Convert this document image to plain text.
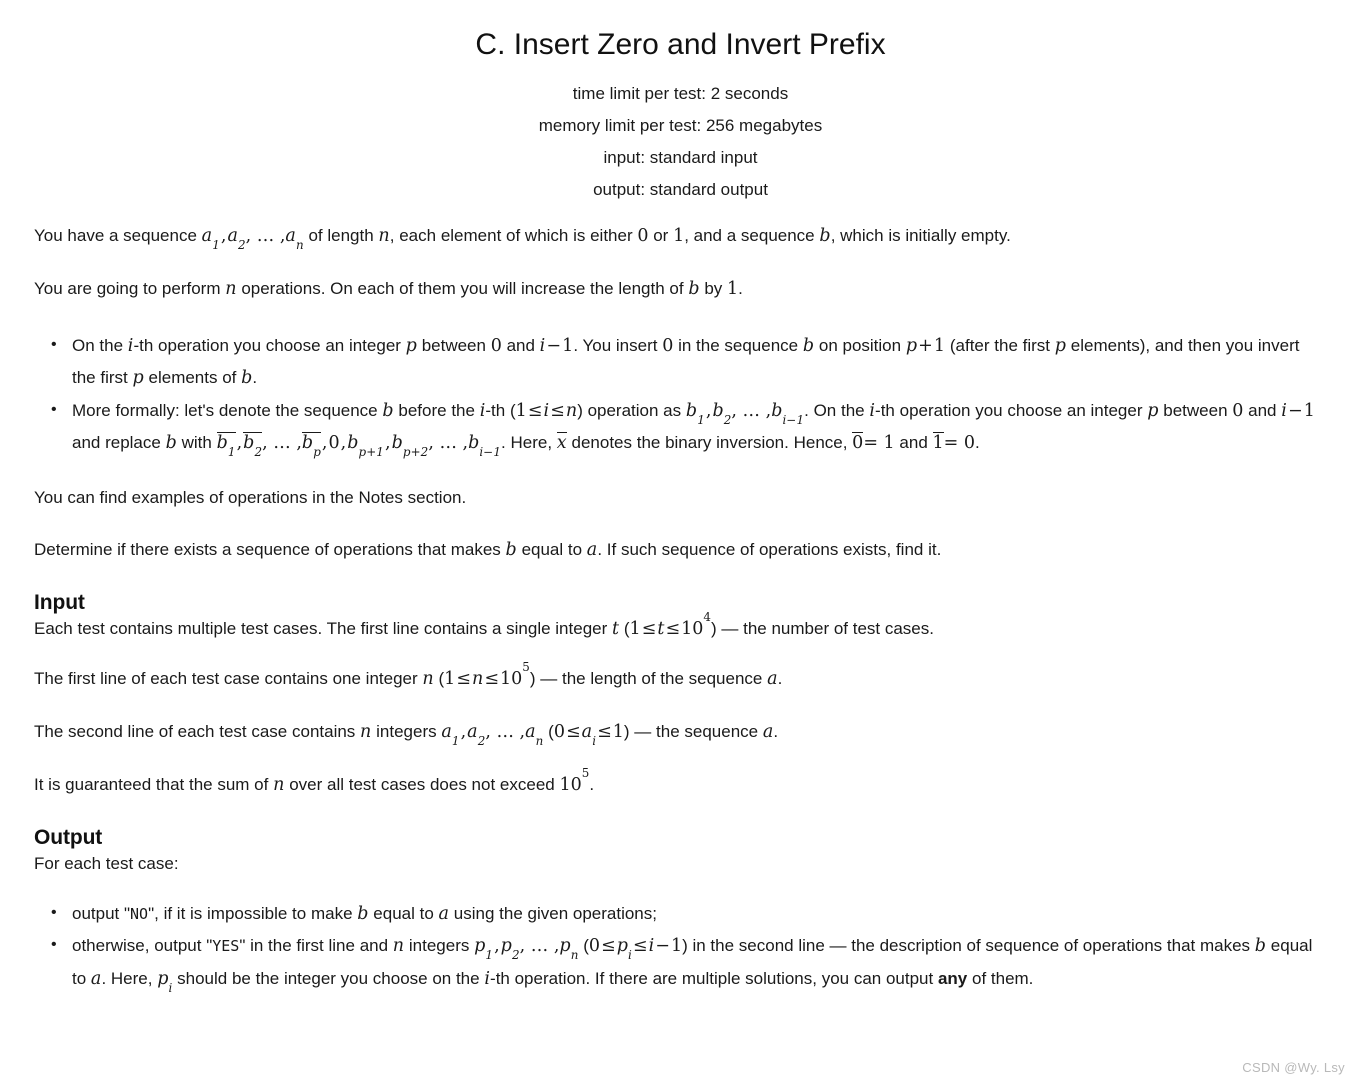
C. Insert Zero and Invert Prefix
time limit per test: 2 seconds
memory limit per test: 256 megabytes
input: standard input
output: standard output

You have a sequence $a_1,a_2$, … $,a_n$ of length n, each element of which is either 0 or 1, and a sequence b, which is initially empty.

You are going to perform n operations. On each of them you will increase the length of b by 1.

• On the i-th operation you choose an integer p between 0 and i−1. You insert 0 in the sequence b on position p+1 (after the first p elements), and then you invert the first p elements of b.
• More formally: let's denote the sequence b before the i-th (1≤i≤n) operation as $b_1,b_2$, … $,b_{i-1}$. On the i-th operation you choose an integer p between 0 and i−1 and replace b with $b_1,b_2$, … $,b_p,0,b_{p+1},b_{p+2}$, … $,b_{i-1}$. Here, x denotes the binary inversion. Hence, 0= 1 and 1= 0.

You can find examples of operations in the Notes section.

Determine if there exists a sequence of operations that makes b equal to a. If such sequence of operations exists, find it.

Input

Each test contains multiple test cases. The first line contains a single integer t $(1\le t\le 10^4)$ — the number of test cases.

The first line of each test case contains one integer n $(1\le n\le 10^5)$ — the length of the sequence a.

The second line of each test case contains n integers $a_1,a_2$, … $,a_n$ $(0\le a_i\le 1)$ — the sequence a.

It is guaranteed that the sum of n over all test cases does not exceed $10^5$.

Output

For each test case:

• output "NO", if it is impossible to make b equal to a using the given operations;
• otherwise, output "YES" in the first line and n integers $p_1,p_2$, … $,p_n$ $(0\le p_i\le i-1)$ in the second line — the description of sequence of operations that makes b equal to a. Here, $p_i$ should be the integer you choose on the i-th operation. If there are multiple solutions, you can output any of them.
CSDN @Wy. Lsy
